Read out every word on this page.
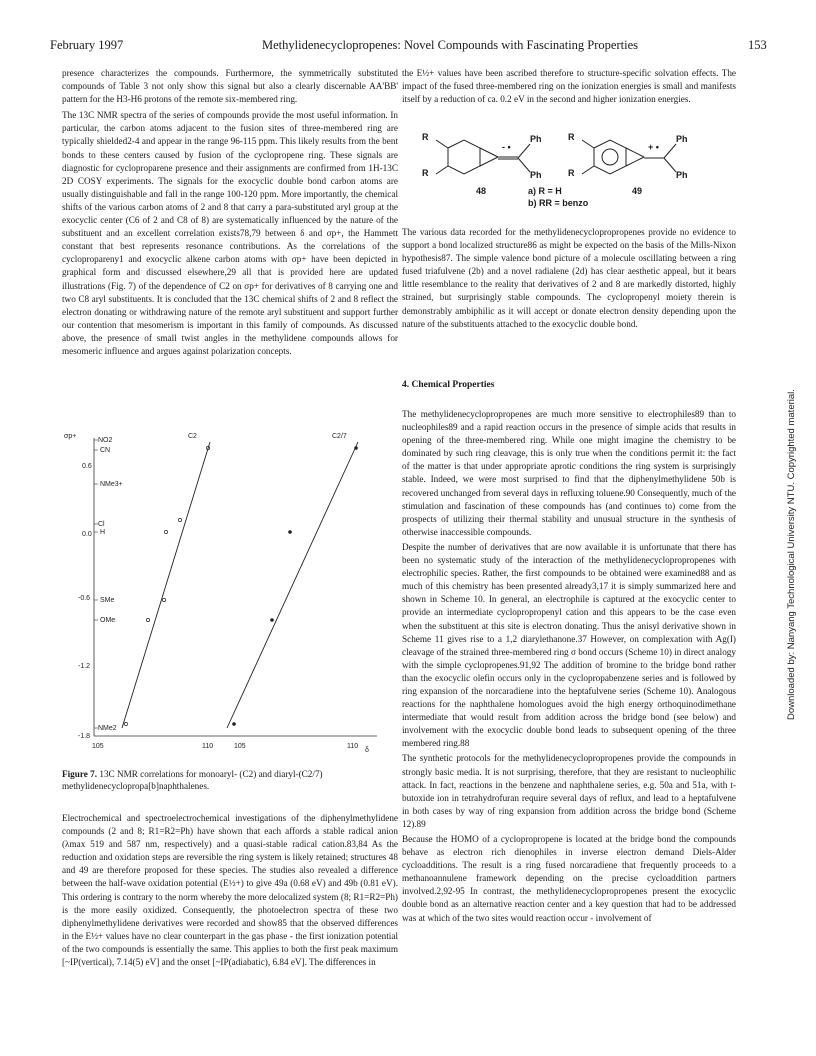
February 1997	Methylidenecyclopropenes: Novel Compounds with Fascinating Properties	153

presence characterizes the compounds. Furthermore, the symmetrically substituted compounds of Table 3 not only show this signal but also a clearly discernable AA'BB' pattern for the H3-H6 protons of the remote six-membered ring.

The 13C NMR spectra of the series of compounds provide the most useful information. In particular, the carbon atoms adjacent to the fusion sites of three-membered ring are typically shielded2-4 and appear in the range 96-115 ppm. This likely results from the bent bonds to these centers caused by fusion of the cyclopropene ring. These signals are diagnostic for cycloproparene presence and their assignments are confirmed from 1H-13C 2D COSY experiments. The signals for the exocyclic double bond carbon atoms are usually distinguishable and fall in the range 100-120 ppm. More importantly, the chemical shifts of the various carbon atoms of 2 and 8 that carry a para-substituted aryl group at the exocyclic center (C6 of 2 and C8 of 8) are systematically influenced by the nature of the substituent and an excellent correlation exists78,79 between δ and σp+, the Hammett constant that best represents resonance contributions. As the correlations of the cyclopropareny1 and exocyclic alkene carbon atoms with σp+ have been depicted in graphical form and discussed elsewhere,29 all that is provided here are updated illustrations (Fig. 7) of the dependence of C2 on σp+ for derivatives of 8 carrying one and two C8 aryl substituents. It is concluded that the 13C chemical shifts of 2 and 8 reflect the electron donating or withdrawing nature of the remote aryl substituent and support further our contention that mesomerism is important in this family of compounds. As discussed above, the presence of small twist angles in the methylidene compounds allows for mesomeric influence and argues against polarization concepts.

σp+
0.6
0.0
-0.6
-1.2
-1.8
105	110	105	110
δ
NO2
CN
NMe3+
Cl
H
SMe
OMe
NMe2
C2	C2/7
Figure 7. 13C NMR correlations for monoaryl- (C2) and diaryl-(C2/7) methylidenecyclopropa[b]naphthalenes.

Electrochemical and spectroelectrochemical investigations of the diphenylmethylidene compounds (2 and 8; R1=R2=Ph) have shown that each affords a stable radical anion (λmax 519 and 587 nm, respectively) and a quasi-stable radical cation.83,84 As the reduction and oxidation steps are reversible the ring system is likely retained; structures 48 and 49 are therefore proposed for these species. The studies also revealed a difference between the half-wave oxidation potential (E½+) to give 49a (0.68 eV) and 49b (0.81 eV). This ordering is contrary to the norm whereby the more delocalized system (8; R1=R2=Ph) is the more easily oxidized. Consequently, the photoelectron spectra of these two diphenylmethylidene derivatives were recorded and show85 that the observed differences in the E½+ values have no clear counterpart in the gas phase - the first ionization potential of the two compounds is essentially the same. This applies to both the first peak maximum [~IP(vertical), 7.14(5) eV] and the onset [~IP(adiabatic), 6.84 eV]. The differences in

the E½+ values have been ascribed therefore to structure-specific solvation effects. The impact of the fused three-membered ring on the ionization energies is small and manifests itself by a reduction of ca. 0.2 eV in the second and higher ionization energies.

R
R
Ph
Ph
- •
R
R
Ph
Ph
+ •
48	49
a) R = H
b) RR = benzo

The various data recorded for the methylidenecyclopropropenes provide no evidence to support a bond localized structure86 as might be expected on the basis of the Mills-Nixon hypothesis87. The simple valence bond picture of a molecule oscillating between a ring fused triafulvene (2b) and a novel radialene (2d) has clear aesthetic appeal, but it bears little resemblance to the reality that derivatives of 2 and 8 are markedly distorted, highly strained, but surprisingly stable compounds. The cyclopropenyl moiety therein is demonstrably ambiphilic as it will accept or donate electron density depending upon the nature of the substituents attached to the exocyclic double bond.

4. Chemical Properties

The methylidenecyclopropropenes are much more sensitive to electrophiles89 than to nucleophiles89 and a rapid reaction occurs in the presence of simple acids that results in opening of the three-membered ring. While one might imagine the chemistry to be dominated by such ring cleavage, this is only true when the conditions permit it: the fact of the matter is that under appropriate aprotic conditions the ring system is surprisingly stable. Indeed, we were most surprised to find that the diphenylmethylidene 50b is recovered unchanged from several days in refluxing toluene.90 Consequently, much of the stimulation and fascination of these compounds has (and continues to) come from the prospects of utilizing their thermal stability and unusual structure in the synthesis of otherwise inaccessible compounds.

Despite the number of derivatives that are now available it is unfortunate that there has been no systematic study of the interaction of the methylidenecyclopropropenes with electrophilic species. Rather, the first compounds to be obtained were examined88 and as much of this chemistry has been presented already3,17 it is simply summarized here and shown in Scheme 10. In general, an electrophile is captured at the exocyclic center to provide an intermediate cyclopropropenyl cation and this appears to be the case even when the substituent at this site is electron donating. Thus the anisyl derivative shown in Scheme 11 gives rise to a 1,2 diarylethanone.37 However, on complexation with Ag(I) cleavage of the strained three-membered ring σ bond occurs (Scheme 10) in direct analogy with the simple cyclopropenes.91,92 The addition of bromine to the bridge bond rather than the exocyclic olefin occurs only in the cyclopropabenzene series and is followed by ring expansion of the norcaradiene into the heptafulvene series (Scheme 10). Analogous reactions for the naphthalene homologues avoid the high energy orthoquinodimethane intermediate that would result from addition across the bridge bond (see below) and involvement with the exocyclic double bond leads to subsequent opening of the three membered ring.88

The synthetic protocols for the methylidenecyclopropropenes provide the compounds in strongly basic media. It is not surprising, therefore, that they are resistant to nucleophilic attack. In fact, reactions in the benzene and naphthalene series, e.g. 50a and 51a, with t-butoxide ion in tetrahydrofuran require several days of reflux, and lead to a heptafulvene in both cases by way of ring expansion from addition across the bridge bond (Scheme 12).89

Because the HOMO of a cyclopropropene is located at the bridge bond the compounds behave as electron rich dienophiles in inverse electron demand Diels-Alder cycloadditions. The result is a ring fused norcaradiene that frequently proceeds to a methanoannulene framework depending on the precise cycloaddition partners involved.2,92-95 In contrast, the methylidenecyclopropropenes present the exocyclic double bond as an alternative reaction center and a key question that had to be addressed was at which of the two sites would reaction occur - involvement of

Downloaded by: Nanyang Technological University NTU. Copyrighted material.
